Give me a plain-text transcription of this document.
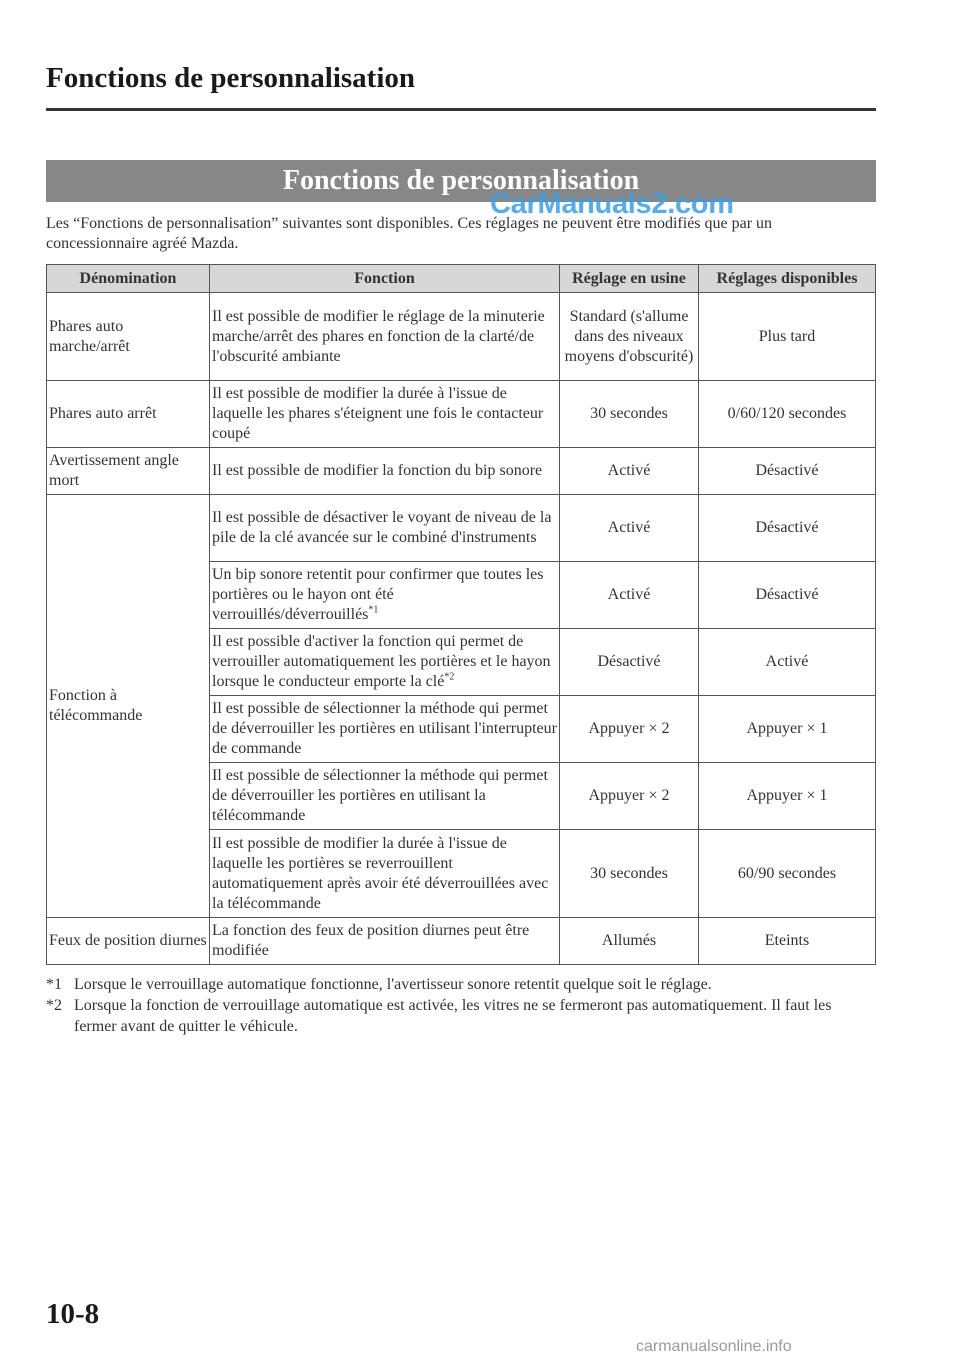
Fonctions de personnalisation
Fonctions de personnalisation
CarManuals2.com

Les “Fonctions de personnalisation” suivantes sont disponibles. Ces réglages ne peuvent être modifiés que par un concessionnaire agréé Mazda.

Dénomination	Fonction	Réglage en usine	Réglages disponibles
Phares auto marche/arrêt	Il est possible de modifier le réglage de la minuterie marche/arrêt des phares en fonction de la clarté/de l'obscurité ambiante	Standard (s'allume dans des niveaux moyens d'obscurité)	Plus tard
Phares auto arrêt	Il est possible de modifier la durée à l'issue de laquelle les phares s'éteignent une fois le contacteur coupé	30 secondes	0/60/120 secondes
Avertissement angle mort	Il est possible de modifier la fonction du bip sonore	Activé	Désactivé
Fonction à télécommande	Il est possible de désactiver le voyant de niveau de la pile de la clé avancée sur le combiné d'instruments	Activé	Désactivé
	Un bip sonore retentit pour confirmer que toutes les portières ou le hayon ont été verrouillés/déverrouillés$^{*1}$	Activé	Désactivé
	Il est possible d'activer la fonction qui permet de verrouiller automatiquement les portières et le hayon lorsque le conducteur emporte la clé$^{*2}$	Désactivé	Activé
	Il est possible de sélectionner la méthode qui permet de déverrouiller les portières en utilisant l'interrupteur de commande	Appuyer × 2	Appuyer × 1
	Il est possible de sélectionner la méthode qui permet de déverrouiller les portières en utilisant la télécommande	Appuyer × 2	Appuyer × 1
	Il est possible de modifier la durée à l'issue de laquelle les portières se reverrouillent automatiquement après avoir été déverrouillées avec la télécommande	30 secondes	60/90 secondes
Feux de position diurnes	La fonction des feux de position diurnes peut être modifiée	Allumés	Eteints
*1 Lorsque le verrouillage automatique fonctionne, l'avertisseur sonore retentit quelque soit le réglage.
*2 Lorsque la fonction de verrouillage automatique est activée, les vitres ne se fermeront pas automatiquement. Il faut les fermer avant de quitter le véhicule.
10-8
carmanualsonline.info
